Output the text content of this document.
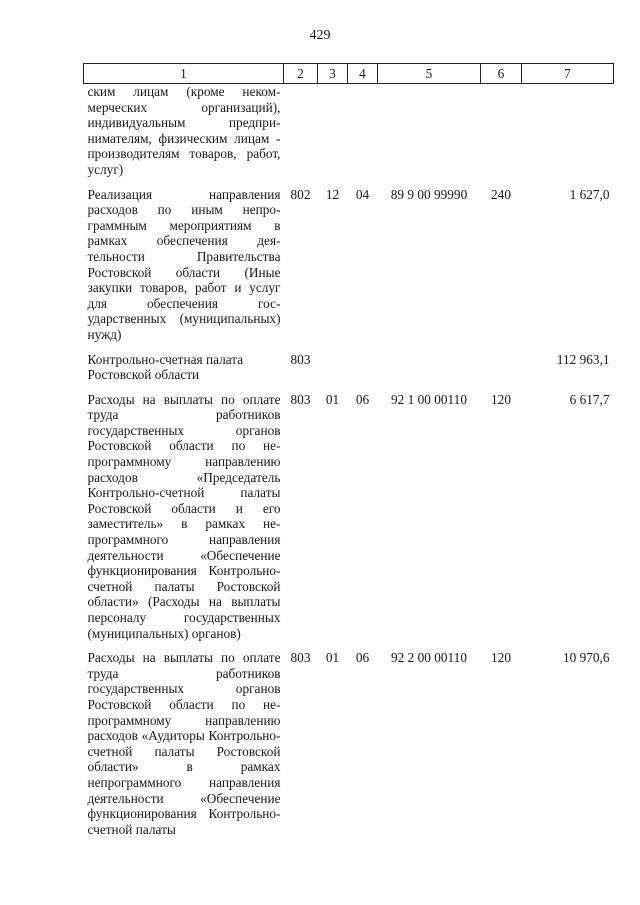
429
1	2	3	4	5	6	7
ским лицам (кроме некоммерческих организаций), индивидуальным предпринимателям, физическим лицам - производителям товаров, работ, услуг)						
Реализация направления расходов по иным непрограммным мероприятиям в рамках обеспечения деятельности Правительства Ростовской области (Иные закупки товаров, работ и услуг для обеспечения государственных (муниципальных) нужд)	802	12	04	89 9 00 99990	240	1 627,0
Контрольно-счетная палата Ростовской области	803					112 963,1
Расходы на выплаты по оплате труда работников государственных органов Ростовской области по непрограммному направлению расходов «Председатель Контрольно-счетной палаты Ростовской области и его заместитель» в рамках непрограммного направления деятельности «Обеспечение функционирования Контрольно-счетной палаты Ростовской области» (Расходы на выплаты персоналу государственных (муниципальных) органов)	803	01	06	92 1 00 00110	120	6 617,7
Расходы на выплаты по оплате труда работников государственных органов Ростовской области по непрограммному направлению расходов «Аудиторы Контрольно-счетной палаты Ростовской области» в рамках непрограммного направления деятельности «Обеспечение функционирования Контрольно-счетной палаты	803	01	06	92 2 00 00110	120	10 970,6
